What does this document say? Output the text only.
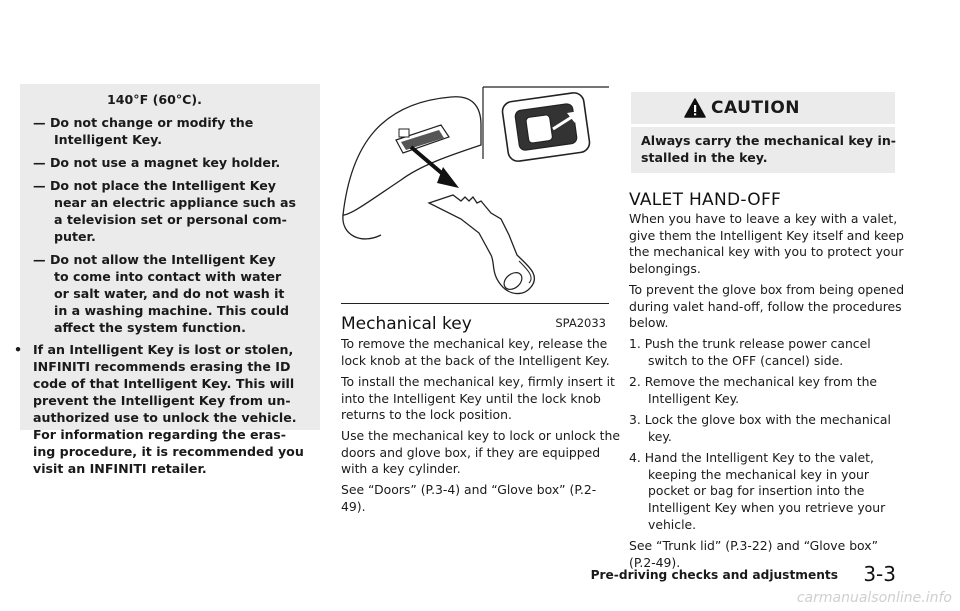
140°F (60°C).
— Do not change or modify the
Intelligent Key.
— Do not use a magnet key holder.
— Do not place the Intelligent Key
near an electric appliance such as
a television set or personal com-
puter.
— Do not allow the Intelligent Key
to come into contact with water
or salt water, and do not wash it
in a washing machine. This could
affect the system function.
• If an Intelligent Key is lost or stolen,
INFINITI recommends erasing the ID
code of that Intelligent Key. This will
prevent the Intelligent Key from un-
authorized use to unlock the vehicle.
For information regarding the eras-
ing procedure, it is recommended you
visit an INFINITI retailer.
SPA2033
Mechanical key
To remove the mechanical key, release the
lock knob at the back of the Intelligent Key.
To install the mechanical key, firmly insert it
into the Intelligent Key until the lock knob
returns to the lock position.
Use the mechanical key to lock or unlock the
doors and glove box, if they are equipped
with a key cylinder.
See “Doors” (P.3-4) and “Glove box” (P.2-
49).
CAUTION
Always carry the mechanical key in-
stalled in the key.
VALET HAND-OFF
When you have to leave a key with a valet,
give them the Intelligent Key itself and keep
the mechanical key with you to protect your
belongings.
To prevent the glove box from being opened
during valet hand-off, follow the procedures
below.
1. Push the trunk release power cancel
switch to the OFF (cancel) side.
2. Remove the mechanical key from the
Intelligent Key.
3. Lock the glove box with the mechanical
key.
4. Hand the Intelligent Key to the valet,
keeping the mechanical key in your
pocket or bag for insertion into the
Intelligent Key when you retrieve your
vehicle.
See “Trunk lid” (P.3-22) and “Glove box”
(P.2-49).
Pre-driving checks and adjustments 3-3
carmanualsonline.info
